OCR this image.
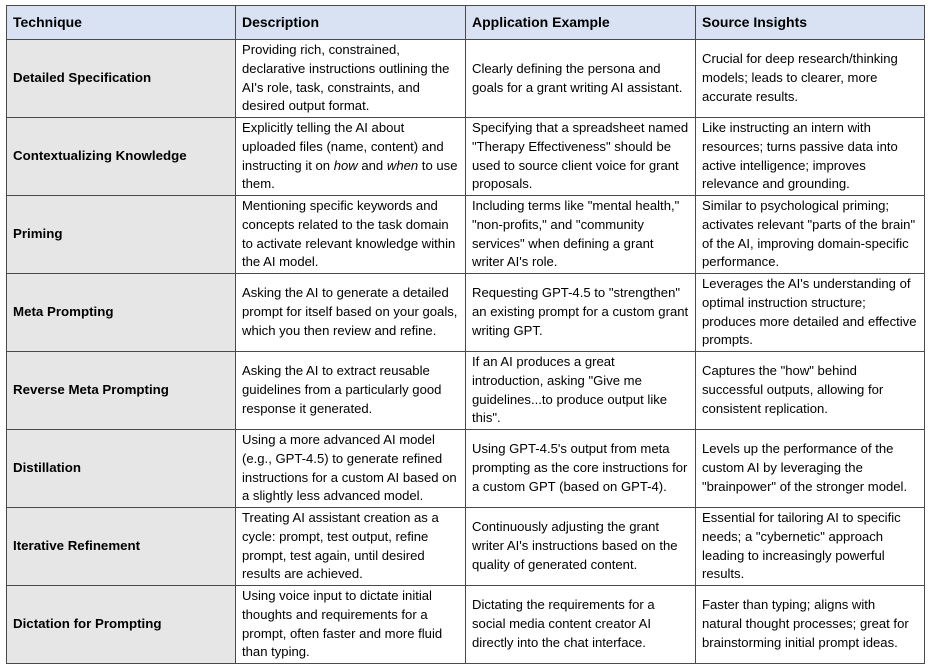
Technique	Description	Application Example	Source Insights
Detailed Specification	Providing rich, constrained, declarative instructions outlining the AI's role, task, constraints, and desired output format.	Clearly defining the persona and goals for a grant writing AI assistant.	Crucial for deep research/thinking models; leads to clearer, more accurate results.
Contextualizing Knowledge	Explicitly telling the AI about uploaded files (name, content) and instructing it on how and when to use them.	Specifying that a spreadsheet named "Therapy Effectiveness" should be used to source client voice for grant proposals.	Like instructing an intern with resources; turns passive data into active intelligence; improves relevance and grounding.
Priming	Mentioning specific keywords and concepts related to the task domain to activate relevant knowledge within the AI model.	Including terms like "mental health," "non-profits," and "community services" when defining a grant writer AI's role.	Similar to psychological priming; activates relevant "parts of the brain" of the AI, improving domain-specific performance.
Meta Prompting	Asking the AI to generate a detailed prompt for itself based on your goals, which you then review and refine.	Requesting GPT-4.5 to "strengthen" an existing prompt for a custom grant writing GPT.	Leverages the AI's understanding of optimal instruction structure; produces more detailed and effective prompts.
Reverse Meta Prompting	Asking the AI to extract reusable guidelines from a particularly good response it generated.	If an AI produces a great introduction, asking "Give me guidelines...to produce output like this".	Captures the "how" behind successful outputs, allowing for consistent replication.
Distillation	Using a more advanced AI model (e.g., GPT-4.5) to generate refined instructions for a custom AI based on a slightly less advanced model.	Using GPT-4.5's output from meta prompting as the core instructions for a custom GPT (based on GPT-4).	Levels up the performance of the custom AI by leveraging the "brainpower" of the stronger model.
Iterative Refinement	Treating AI assistant creation as a cycle: prompt, test output, refine prompt, test again, until desired results are achieved.	Continuously adjusting the grant writer AI's instructions based on the quality of generated content.	Essential for tailoring AI to specific needs; a "cybernetic" approach leading to increasingly powerful results.
Dictation for Prompting	Using voice input to dictate initial thoughts and requirements for a prompt, often faster and more fluid than typing.	Dictating the requirements for a social media content creator AI directly into the chat interface.	Faster than typing; aligns with natural thought processes; great for brainstorming initial prompt ideas.
